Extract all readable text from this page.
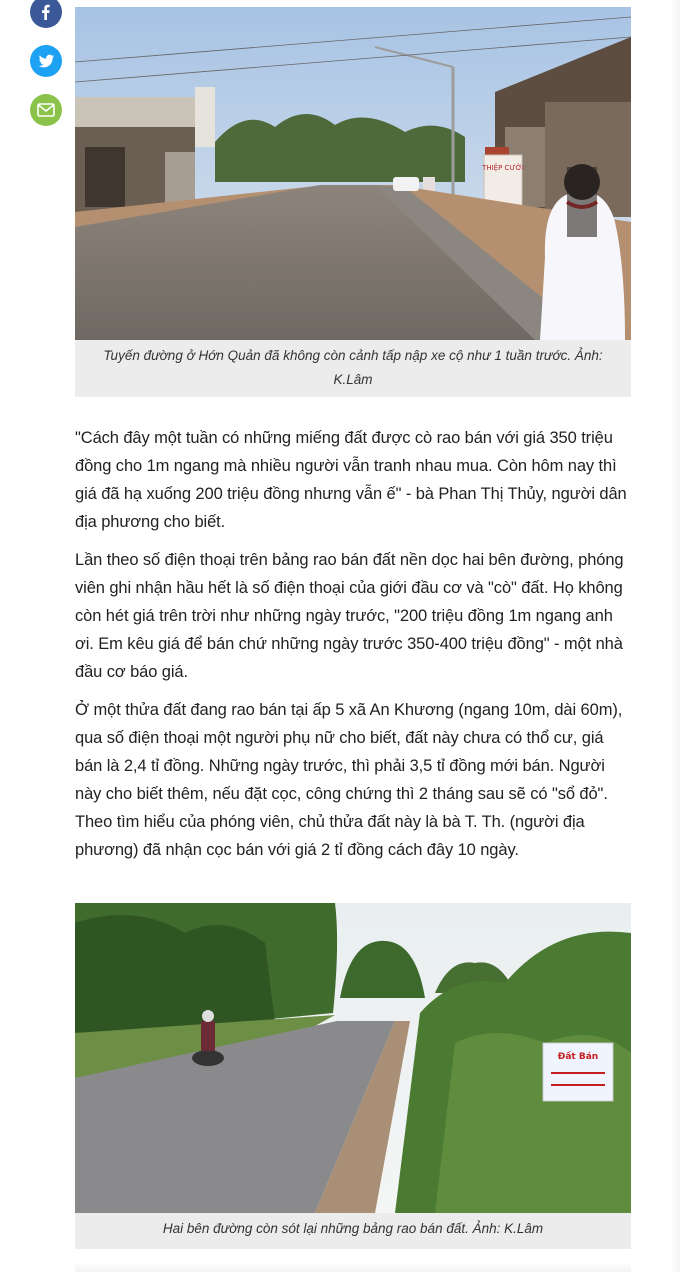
THIỆP CƯỚI
Tuyến đường ở Hớn Quản đã không còn cảnh tấp nập xe cộ như 1 tuần trước. Ảnh: K.Lâm

"Cách đây một tuần có những miếng đất được cò rao bán với giá 350 triệu đồng cho 1m ngang mà nhiều người vẫn tranh nhau mua. Còn hôm nay thì giá đã hạ xuống 200 triệu đồng nhưng vẫn ế" - bà Phan Thị Thủy, người dân địa phương cho biết.

Lần theo số điện thoại trên bảng rao bán đất nền dọc hai bên đường, phóng viên ghi nhận hầu hết là số điện thoại của giới đầu cơ và "cò" đất. Họ không còn hét giá trên trời như những ngày trước, "200 triệu đồng 1m ngang anh ơi. Em kêu giá để bán chứ những ngày trước 350-400 triệu đồng" - một nhà đầu cơ báo giá.

Ở một thửa đất đang rao bán tại ấp 5 xã An Khương (ngang 10m, dài 60m), qua số điện thoại một người phụ nữ cho biết, đất này chưa có thổ cư, giá bán là 2,4 tỉ đồng. Những ngày trước, thì phải 3,5 tỉ đồng mới bán. Người này cho biết thêm, nếu đặt cọc, công chứng thì 2 tháng sau sẽ có "sổ đỏ". Theo tìm hiểu của phóng viên, chủ thửa đất này là bà T. Th. (người địa phương) đã nhận cọc bán với giá 2 tỉ đồng cách đây 10 ngày.

Đất Bán
Hai bên đường còn sót lại những bảng rao bán đất. Ảnh: K.Lâm
